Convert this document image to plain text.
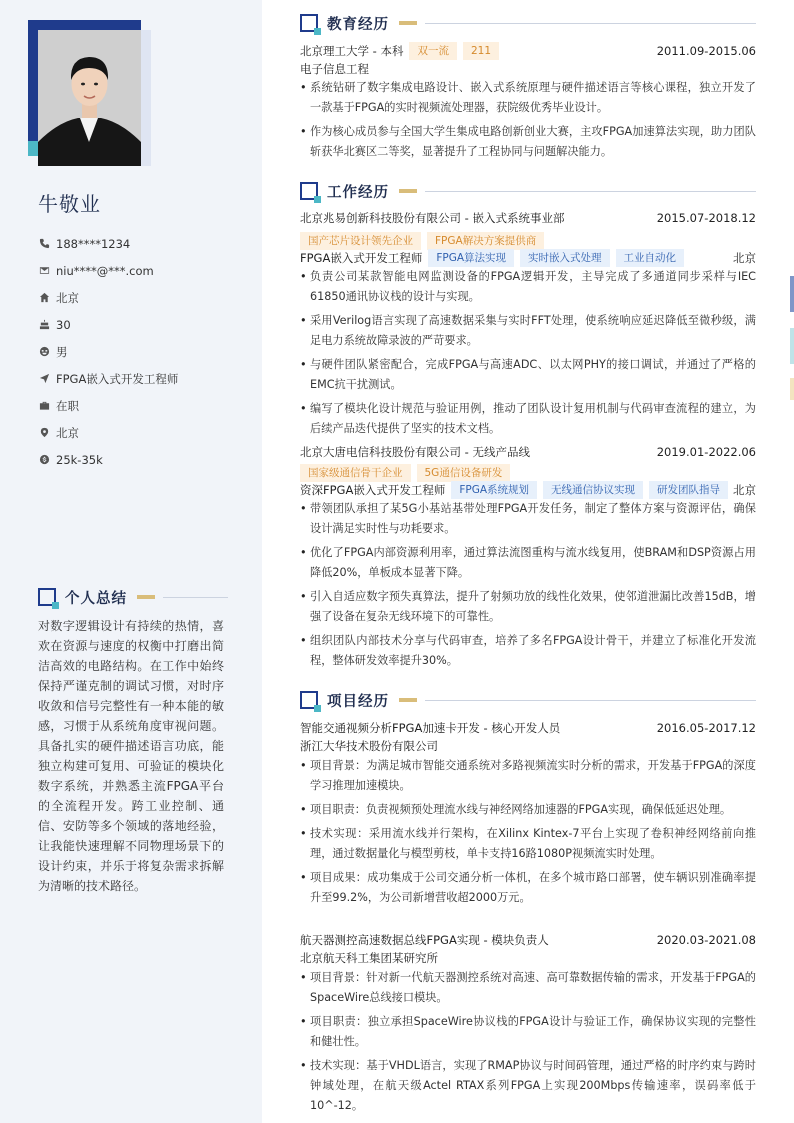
牛敬业
188****1234
niu****@***.com
北京
30
男
FPGA嵌入式开发工程师
在职
北京
25k-35k
个人总结
对数字逻辑设计有持续的热情，喜欢在资源与速度的权衡中打磨出简洁高效的电路结构。在工作中始终保持严谨克制的调试习惯，对时序收敛和信号完整性有一种本能的敏感，习惯于从系统角度审视问题。具备扎实的硬件描述语言功底，能独立构建可复用、可验证的模块化数字系统，并熟悉主流FPGA平台的全流程开发。跨工业控制、通信、安防等多个领域的落地经验，让我能快速理解不同物理场景下的设计约束，并乐于将复杂需求拆解为清晰的技术路径。
教育经历
北京理工大学 - 本科	双一流	211	2011.09-2015.06
电子信息工程
• 系统钻研了数字集成电路设计、嵌入式系统原理与硬件描述语言等核心课程，独立开发了一款基于FPGA的实时视频流处理器，获院级优秀毕业设计。
• 作为核心成员参与全国大学生集成电路创新创业大赛，主攻FPGA加速算法实现，助力团队斩获华北赛区二等奖，显著提升了工程协同与问题解决能力。
工作经历
北京兆易创新科技股份有限公司 - 嵌入式系统事业部	2015.07-2018.12
国产芯片设计领先企业	FPGA解决方案提供商
FPGA嵌入式开发工程师	FPGA算法实现	实时嵌入式处理	工业自动化	北京
• 负责公司某款智能电网监测设备的FPGA逻辑开发，主导完成了多通道同步采样与IEC 61850通讯协议栈的设计与实现。
• 采用Verilog语言实现了高速数据采集与实时FFT处理，使系统响应延迟降低至微秒级，满足电力系统故障录波的严苛要求。
• 与硬件团队紧密配合，完成FPGA与高速ADC、以太网PHY的接口调试，并通过了严格的EMC抗干扰测试。
• 编写了模块化设计规范与验证用例，推动了团队设计复用机制与代码审查流程的建立，为后续产品迭代提供了坚实的技术文档。
北京大唐电信科技股份有限公司 - 无线产品线	2019.01-2022.06
国家级通信骨干企业	5G通信设备研发
资深FPGA嵌入式开发工程师	FPGA系统规划	无线通信协议实现	研发团队指导	北京
• 带领团队承担了某5G小基站基带处理FPGA开发任务，制定了整体方案与资源评估，确保设计满足实时性与功耗要求。
• 优化了FPGA内部资源利用率，通过算法流图重构与流水线复用，使BRAM和DSP资源占用降低20%，单板成本显著下降。
• 引入自适应数字预失真算法，提升了射频功放的线性化效果，使邻道泄漏比改善15dB，增强了设备在复杂无线环境下的可靠性。
• 组织团队内部技术分享与代码审查，培养了多名FPGA设计骨干，并建立了标准化开发流程，整体研发效率提升30%。
项目经历
智能交通视频分析FPGA加速卡开发 - 核心开发人员	2016.05-2017.12
浙江大华技术股份有限公司
• 项目背景：为满足城市智能交通系统对多路视频流实时分析的需求，开发基于FPGA的深度学习推理加速模块。
• 项目职责：负责视频预处理流水线与神经网络加速器的FPGA实现，确保低延迟处理。
• 技术实现：采用流水线并行架构，在Xilinx Kintex-7平台上实现了卷积神经网络前向推理，通过数据量化与模型剪枝，单卡支持16路1080P视频流实时处理。
• 项目成果：成功集成于公司交通分析一体机，在多个城市路口部署，使车辆识别准确率提升至99.2%，为公司新增营收超2000万元。
航天器测控高速数据总线FPGA实现 - 模块负责人	2020.03-2021.08
北京航天科工集团某研究所
• 项目背景：针对新一代航天器测控系统对高速、高可靠数据传输的需求，开发基于FPGA的SpaceWire总线接口模块。
• 项目职责：独立承担SpaceWire协议栈的FPGA设计与验证工作，确保协议实现的完整性和健壮性。
• 技术实现：基于VHDL语言，实现了RMAP协议与时间码管理，通过严格的时序约束与跨时钟域处理，在航天级Actel RTAX系列FPGA上实现200Mbps传输速率，误码率低于10^-12。
